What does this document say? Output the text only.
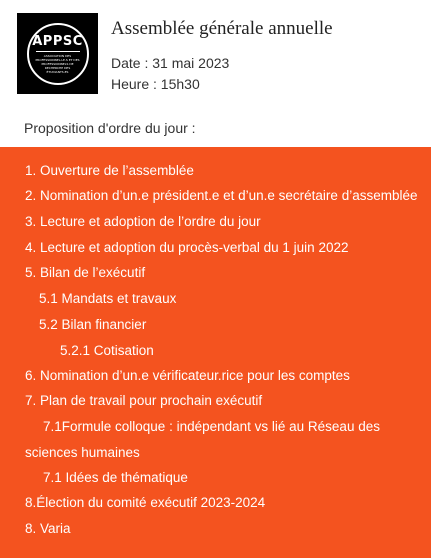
APPSC
ASSOCIATION DES PROFESSIONNEL.LE.S ET DES PROFESSIONNELS DE RECHERCHE DES ÉTUDIANTS.ES
Assemblée générale annuelle
Date : 31 mai 2023
Heure : 15h30
Proposition d'ordre du jour :
1. Ouverture de l’assemblée
2. Nomination d’un.e président.e et d’un.e secrétaire d’assemblée
3. Lecture et adoption de l’ordre du jour
4. Lecture et adoption du procès-verbal du 1 juin 2022
5. Bilan de l’exécutif
5.1 Mandats et travaux
5.2 Bilan financier
5.2.1 Cotisation
6. Nomination d’un.e vérificateur.rice pour les comptes
7. Plan de travail pour prochain exécutif
7.1Formule colloque : indépendant vs lié au Réseau des
sciences humaines
7.1 Idées de thématique
8.Élection du comité exécutif 2023-2024
8. Varia
